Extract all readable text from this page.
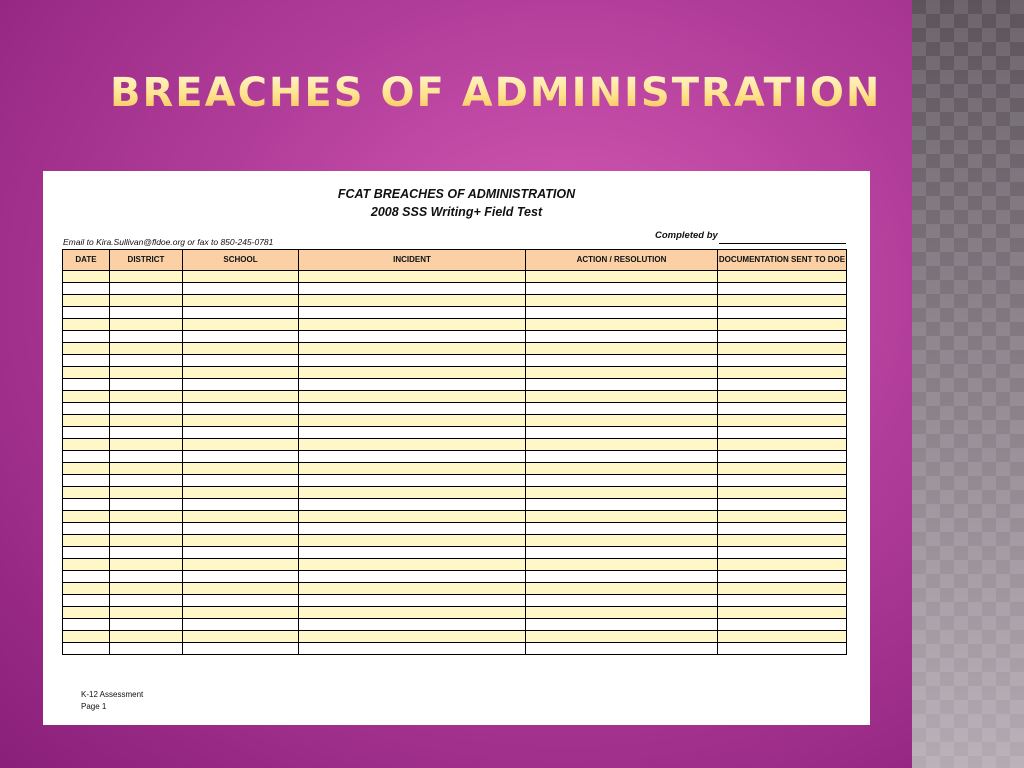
BREACHES OF ADMINISTRATION
FCAT BREACHES OF ADMINISTRATION
2008 SSS Writing+ Field Test
Email to Kira.Sullivan@fldoe.org or fax to 850-245-0781
Completed by
DATE	DISTRICT	SCHOOL	INCIDENT	ACTION / RESOLUTION	DOCUMENTATION SENT TO DOE

K-12 Assessment
Page 1
